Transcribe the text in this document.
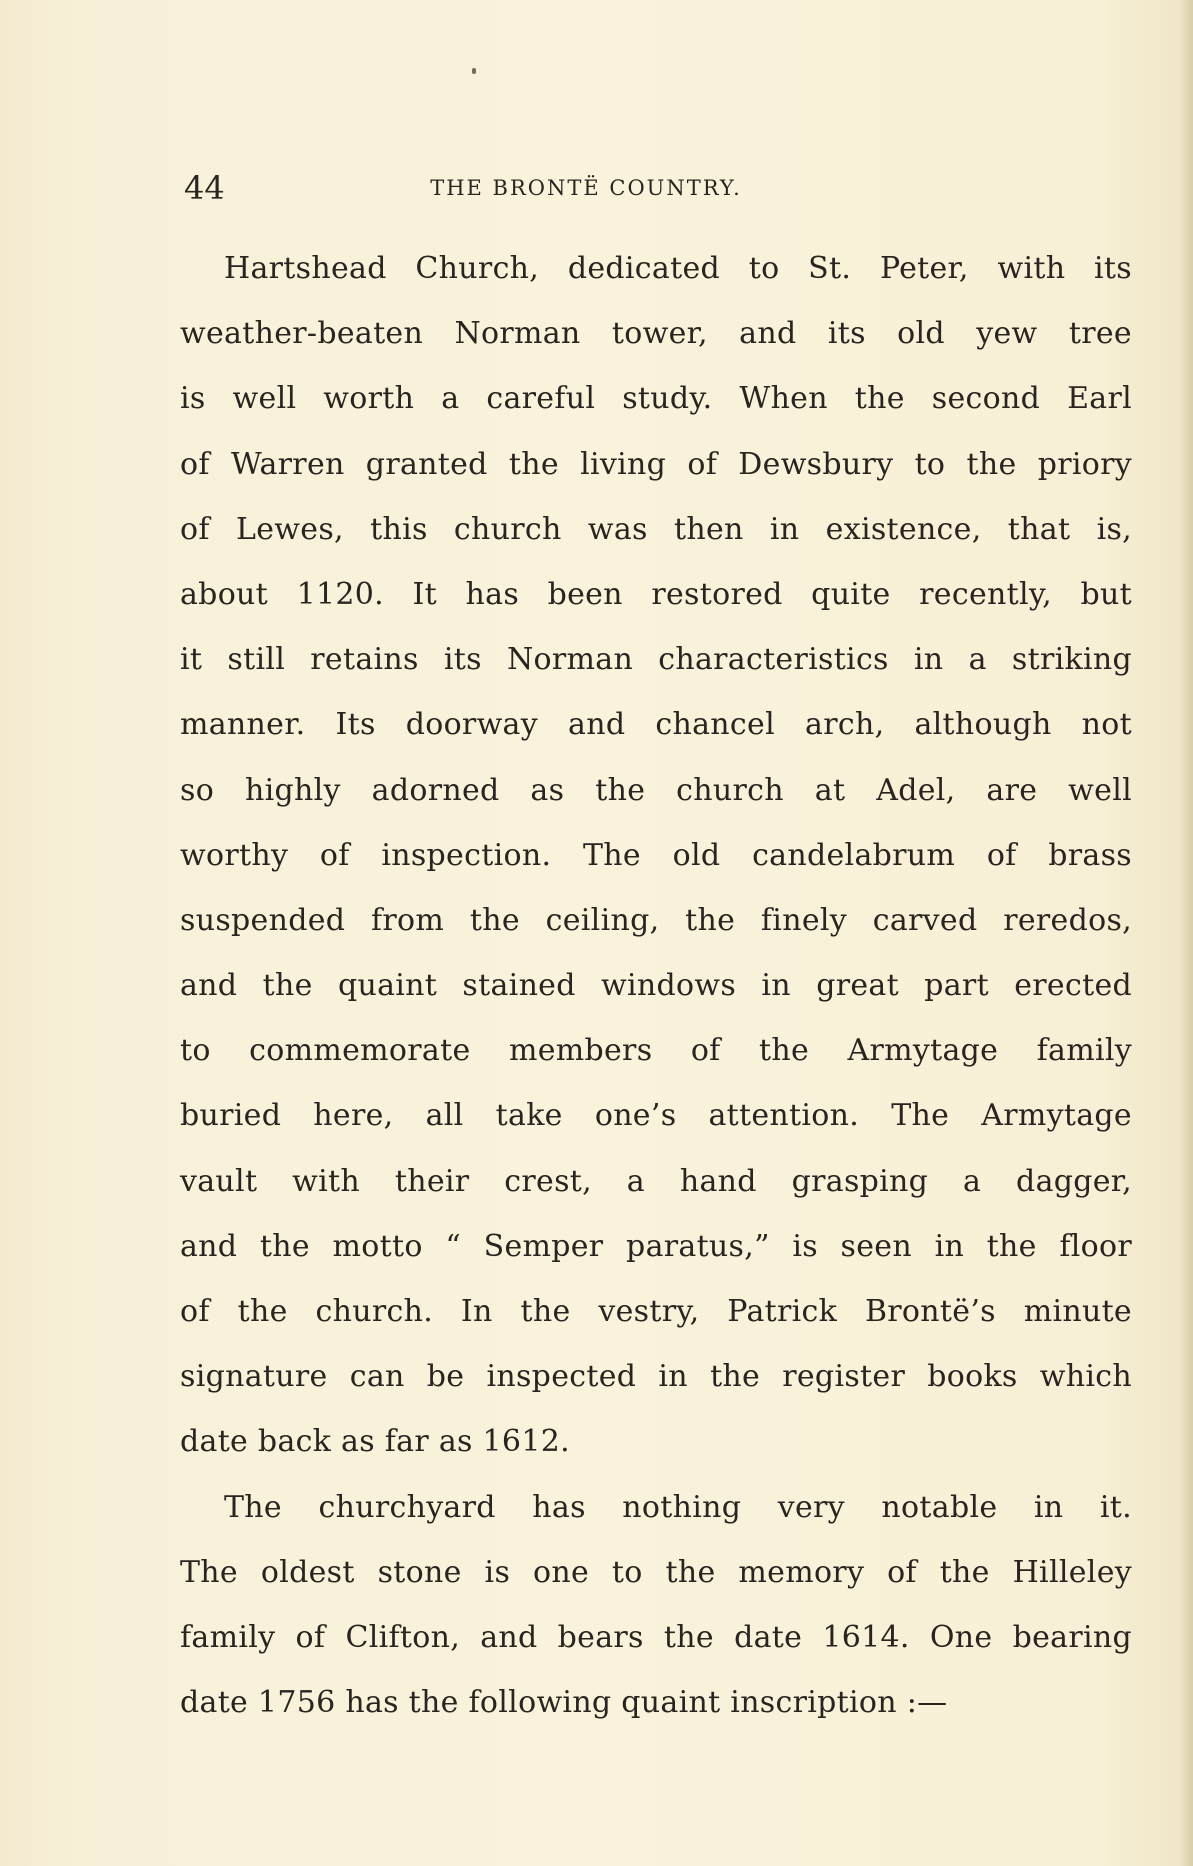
44	THE BRONTË COUNTRY.
Hartshead Church, dedicated to St. Peter, with its
weather-beaten Norman tower, and its old yew tree
is well worth a careful study. When the second Earl
of Warren granted the living of Dewsbury to the priory
of Lewes, this church was then in existence, that is,
about 1120. It has been restored quite recently, but
it still retains its Norman characteristics in a striking
manner. Its doorway and chancel arch, although not
so highly adorned as the church at Adel, are well
worthy of inspection. The old candelabrum of brass
suspended from the ceiling, the finely carved reredos,
and the quaint stained windows in great part erected
to commemorate members of the Armytage family
buried here, all take one’s attention. The Armytage
vault with their crest, a hand grasping a dagger,
and the motto “ Semper paratus,” is seen in the floor
of the church. In the vestry, Patrick Brontë’s minute
signature can be inspected in the register books which
date back as far as 1612.
The churchyard has nothing very notable in it.
The oldest stone is one to the memory of the Hilleley
family of Clifton, and bears the date 1614. One bearing
date 1756 has the following quaint inscription :—
